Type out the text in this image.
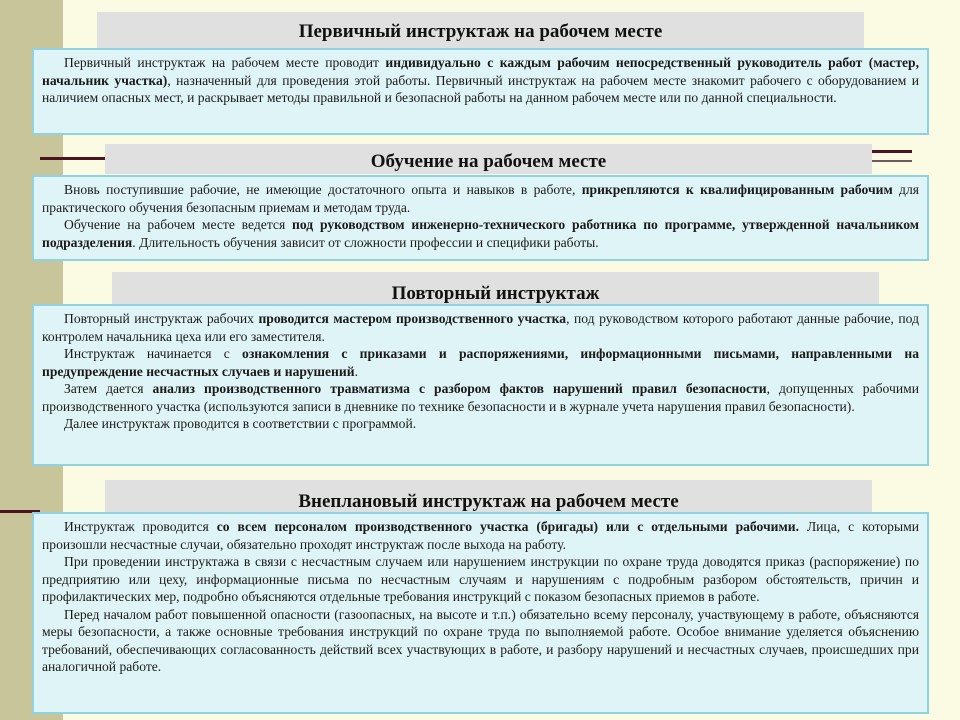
Первичный инструктаж на рабочем месте

Первичный инструктаж на рабочем месте проводит индивидуально с каждым рабочим непосредственный руководитель работ (мастер, начальник участка), назначенный для проведения этой работы. Первичный инструктаж на рабочем месте знакомит рабочего с оборудованием и наличием опасных мест, и раскрывает методы правильной и безопасной работы на данном рабочем месте или по данной специальности.

Обучение на рабочем месте

Вновь поступившие рабочие, не имеющие достаточного опыта и навыков в работе, прикрепляются к квалифицированным рабочим для практического обучения безопасным приемам и методам труда.

Обучение на рабочем месте ведется под руководством инженерно-технического работника по программе, утвержденной начальником подразделения. Длительность обучения зависит от сложности профессии и специфики работы.

Повторный инструктаж

Повторный инструктаж рабочих проводится мастером производственного участка, под руководством которого работают данные рабочие, под контролем начальника цеха или его заместителя.

Инструктаж начинается с ознакомления с приказами и распоряжениями, информационными письмами, направленными на предупреждение несчастных случаев и нарушений.

Затем дается анализ производственного травматизма с разбором фактов нарушений правил безопасности, допущенных рабочими производственного участка (используются записи в дневнике по технике безопасности и в журнале учета нарушения правил безопасности).

Далее инструктаж проводится в соответствии с программой.

Внеплановый инструктаж на рабочем месте

Инструктаж проводится со всем персоналом производственного участка (бригады) или с отдельными рабочими. Лица, с которыми произошли несчастные случаи, обязательно проходят инструктаж после выхода на работу.

При проведении инструктажа в связи с несчастным случаем или нарушением инструкции по охране труда доводятся приказ (распоряжение) по предприятию или цеху, информационные письма по несчастным случаям и нарушениям с подробным разбором обстоятельств, причин и профилактических мер, подробно объясняются отдельные требования инструкций с показом безопасных приемов в работе.

Перед началом работ повышенной опасности (газоопасных, на высоте и т.п.) обязательно всему персоналу, участвующему в работе, объясняются меры безопасности, а также основные требования инструкций по охране труда по выполняемой работе. Особое внимание уделяется объяснению требований, обеспечивающих согласованность действий всех участвующих в работе, и разбору нарушений и несчастных случаев, происшедших при аналогичной работе.
